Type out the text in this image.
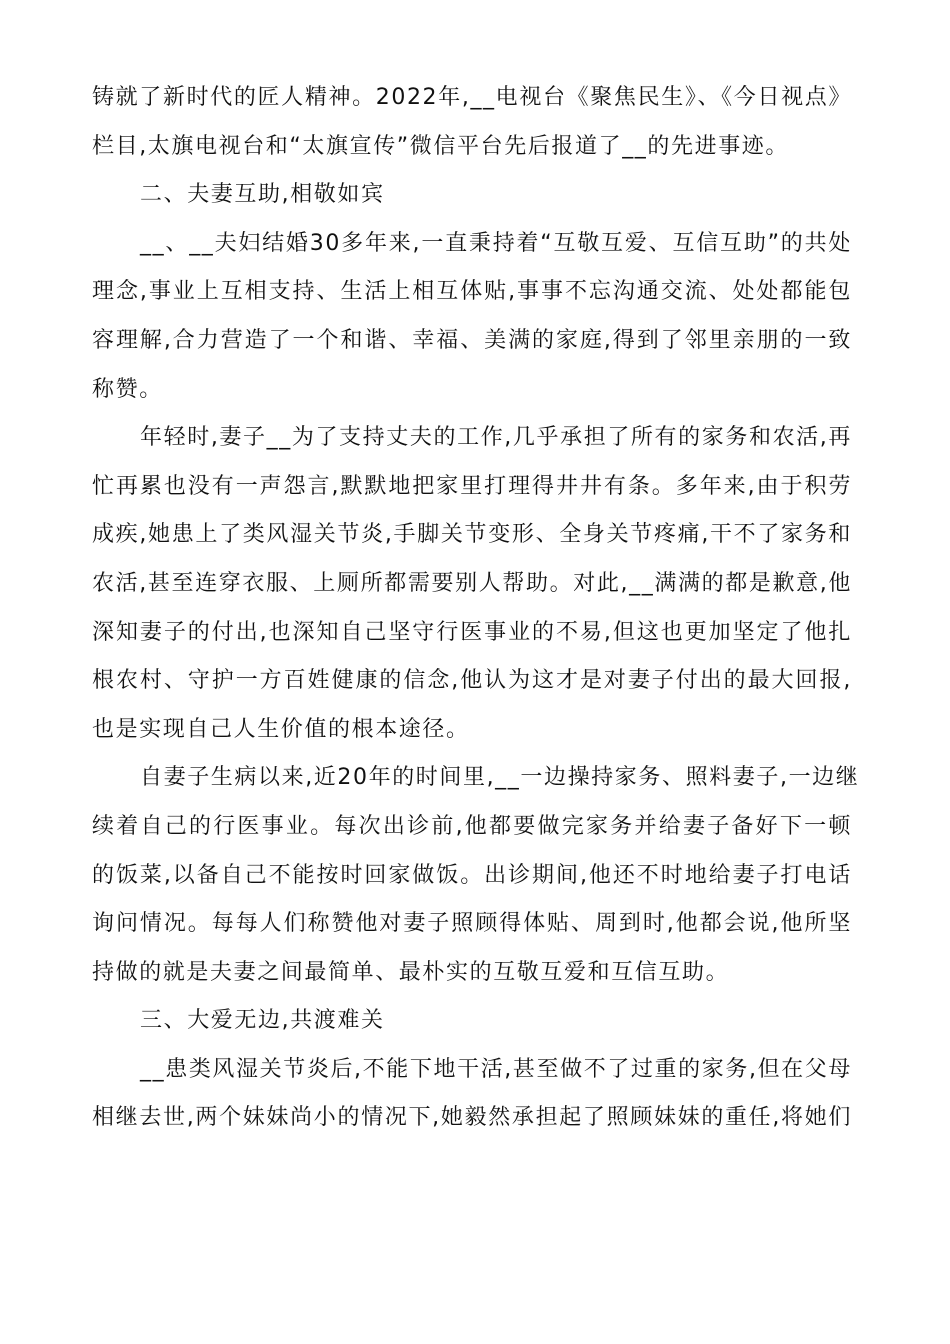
铸就了新时代的匠人精神。2022年,__电视台《聚焦民生》、《今日视点》
栏目,太旗电视台和“太旗宣传”微信平台先后报道了__的先进事迹。
二、夫妻互助,相敬如宾
__、__夫妇结婚30多年来,一直秉持着“互敬互爱、互信互助”的共处
理念,事业上互相支持、生活上相互体贴,事事不忘沟通交流、处处都能包
容理解,合力营造了一个和谐、幸福、美满的家庭,得到了邻里亲朋的一致
称赞。
年轻时,妻子__为了支持丈夫的工作,几乎承担了所有的家务和农活,再
忙再累也没有一声怨言,默默地把家里打理得井井有条。多年来,由于积劳
成疾,她患上了类风湿关节炎,手脚关节变形、全身关节疼痛,干不了家务和
农活,甚至连穿衣服、上厕所都需要别人帮助。对此,__满满的都是歉意,他
深知妻子的付出,也深知自己坚守行医事业的不易,但这也更加坚定了他扎
根农村、守护一方百姓健康的信念,他认为这才是对妻子付出的最大回报,
也是实现自己人生价值的根本途径。
自妻子生病以来,近20年的时间里,__一边操持家务、照料妻子,一边继
续着自己的行医事业。每次出诊前,他都要做完家务并给妻子备好下一顿
的饭菜,以备自己不能按时回家做饭。出诊期间,他还不时地给妻子打电话
询问情况。每每人们称赞他对妻子照顾得体贴、周到时,他都会说,他所坚
持做的就是夫妻之间最简单、最朴实的互敬互爱和互信互助。
三、大爱无边,共渡难关
__患类风湿关节炎后,不能下地干活,甚至做不了过重的家务,但在父母
相继去世,两个妹妹尚小的情况下,她毅然承担起了照顾妹妹的重任,将她们
